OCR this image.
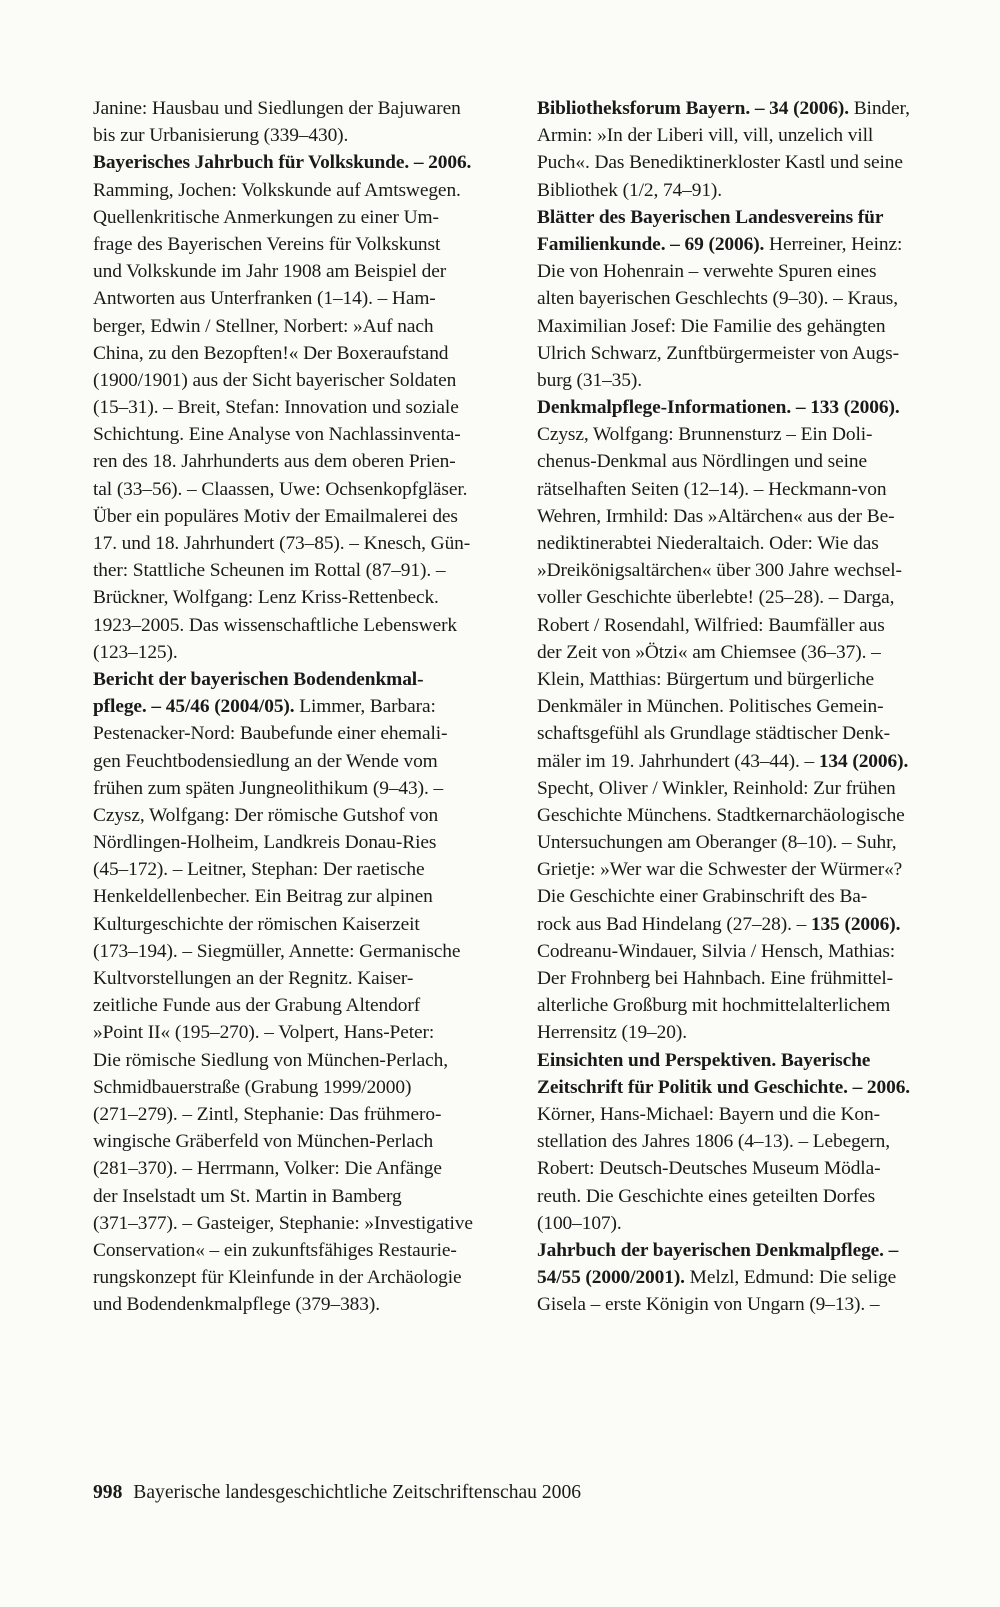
Janine: Hausbau und Siedlungen der Bajuwaren
bis zur Urbanisierung (339–430).
Bayerisches Jahrbuch für Volkskunde. – 2006.
Ramming, Jochen: Volkskunde auf Amtswegen.
Quellenkritische Anmerkungen zu einer Um-
frage des Bayerischen Vereins für Volkskunst
und Volkskunde im Jahr 1908 am Beispiel der
Antworten aus Unterfranken (1–14). – Ham-
berger, Edwin / Stellner, Norbert: »Auf nach
China, zu den Bezopften!« Der Boxeraufstand
(1900/1901) aus der Sicht bayerischer Soldaten
(15–31). – Breit, Stefan: Innovation und soziale
Schichtung. Eine Analyse von Nachlassinventa-
ren des 18. Jahrhunderts aus dem oberen Prien-
tal (33–56). – Claassen, Uwe: Ochsenkopfgläser.
Über ein populäres Motiv der Emailmalerei des
17. und 18. Jahrhundert (73–85). – Knesch, Gün-
ther: Stattliche Scheunen im Rottal (87–91). –
Brückner, Wolfgang: Lenz Kriss-Rettenbeck.
1923–2005. Das wissenschaftliche Lebenswerk
(123–125).
Bericht der bayerischen Bodendenkmal-
pflege. – 45/46 (2004/05). Limmer, Barbara:
Pestenacker-Nord: Baubefunde einer ehemali-
gen Feuchtbodensiedlung an der Wende vom
frühen zum späten Jungneolithikum (9–43). –
Czysz, Wolfgang: Der römische Gutshof von
Nördlingen-Holheim, Landkreis Donau-Ries
(45–172). – Leitner, Stephan: Der raetische
Henkeldellenbecher. Ein Beitrag zur alpinen
Kulturgeschichte der römischen Kaiserzeit
(173–194). – Siegmüller, Annette: Germanische
Kultvorstellungen an der Regnitz. Kaiser-
zeitliche Funde aus der Grabung Altendorf
»Point II« (195–270). – Volpert, Hans-Peter:
Die römische Siedlung von München-Perlach,
Schmidbauerstraße (Grabung 1999/2000)
(271–279). – Zintl, Stephanie: Das frühmero-
wingische Gräberfeld von München-Perlach
(281–370). – Herrmann, Volker: Die Anfänge
der Inselstadt um St. Martin in Bamberg
(371–377). – Gasteiger, Stephanie: »Investigative
Conservation« – ein zukunftsfähiges Restaurie-
rungskonzept für Kleinfunde in der Archäologie
und Bodendenkmalpflege (379–383).
Bibliotheksforum Bayern. – 34 (2006). Binder,
Armin: »In der Liberi vill, vill, unzelich vill
Puch«. Das Benediktinerkloster Kastl und seine
Bibliothek (1/2, 74–91).
Blätter des Bayerischen Landesvereins für
Familienkunde. – 69 (2006). Herreiner, Heinz:
Die von Hohenrain – verwehte Spuren eines
alten bayerischen Geschlechts (9–30). – Kraus,
Maximilian Josef: Die Familie des gehängten
Ulrich Schwarz, Zunftbürgermeister von Augs-
burg (31–35).
Denkmalpflege-Informationen. – 133 (2006).
Czysz, Wolfgang: Brunnensturz – Ein Doli-
chenus-Denkmal aus Nördlingen und seine
rätselhaften Seiten (12–14). – Heckmann-von
Wehren, Irmhild: Das »Altärchen« aus der Be-
nediktinerabtei Niederaltaich. Oder: Wie das
»Dreikönigsaltärchen« über 300 Jahre wechsel-
voller Geschichte überlebte! (25–28). – Darga,
Robert / Rosendahl, Wilfried: Baumfäller aus
der Zeit von »Ötzi« am Chiemsee (36–37). –
Klein, Matthias: Bürgertum und bürgerliche
Denkmäler in München. Politisches Gemein-
schaftsgefühl als Grundlage städtischer Denk-
mäler im 19. Jahrhundert (43–44). – 134 (2006).
Specht, Oliver / Winkler, Reinhold: Zur frühen
Geschichte Münchens. Stadtkernarchäologische
Untersuchungen am Oberanger (8–10). – Suhr,
Grietje: »Wer war die Schwester der Würmer«?
Die Geschichte einer Grabinschrift des Ba-
rock aus Bad Hindelang (27–28). – 135 (2006).
Codreanu-Windauer, Silvia / Hensch, Mathias:
Der Frohnberg bei Hahnbach. Eine frühmittel-
alterliche Großburg mit hochmittelalterlichem
Herrensitz (19–20).
Einsichten und Perspektiven. Bayerische
Zeitschrift für Politik und Geschichte. – 2006.
Körner, Hans-Michael: Bayern und die Kon-
stellation des Jahres 1806 (4–13). – Lebegern,
Robert: Deutsch-Deutsches Museum Mödla-
reuth. Die Geschichte eines geteilten Dorfes
(100–107).
Jahrbuch der bayerischen Denkmalpflege. –
54/55 (2000/2001). Melzl, Edmund: Die selige
Gisela – erste Königin von Ungarn (9–13). –
998 Bayerische landesgeschichtliche Zeitschriftenschau 2006
